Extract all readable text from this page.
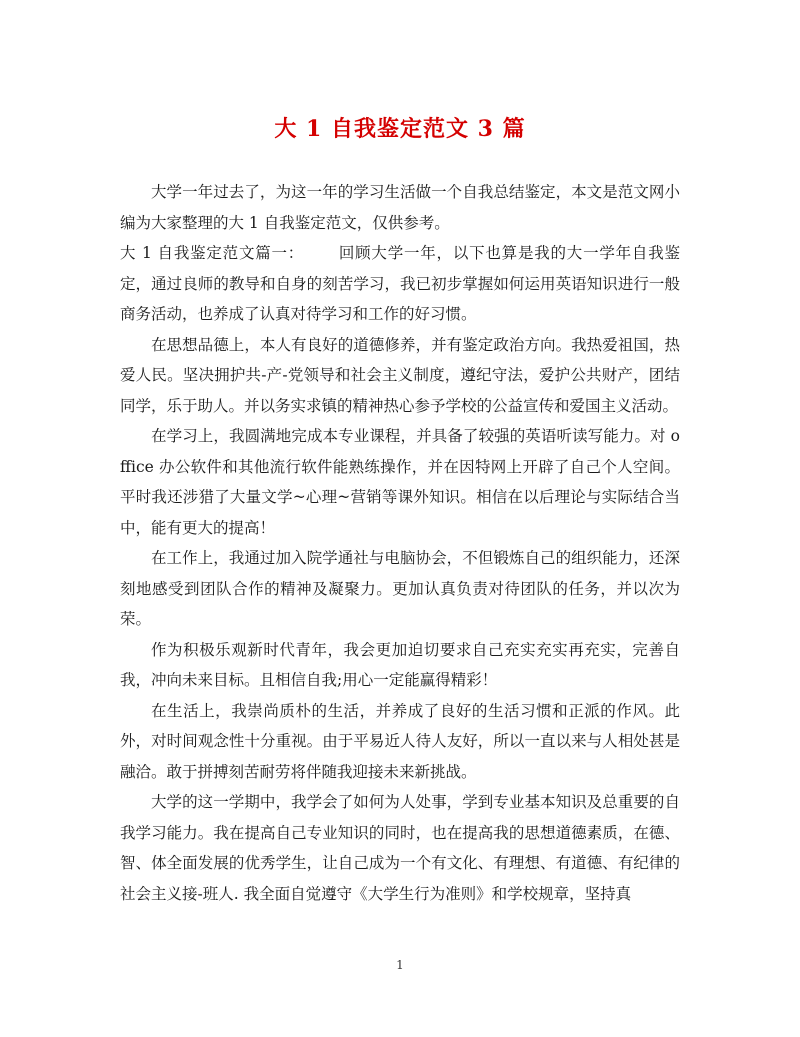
大 1 自我鉴定范文 3 篇

大学一年过去了，为这一年的学习生活做一个自我总结鉴定，本文是范文网小编为大家整理的大 1 自我鉴定范文，仅供参考。

大 1 自我鉴定范文篇一： 回顾大学一年，以下也算是我的大一学年自我鉴定，通过良师的教导和自身的刻苦学习，我已初步掌握如何运用英语知识进行一般商务活动，也养成了认真对待学习和工作的好习惯。

在思想品德上，本人有良好的道德修养，并有鉴定政治方向。我热爱祖国，热爱人民。坚决拥护共-产-党领导和社会主义制度，遵纪守法，爱护公共财产，团结同学，乐于助人。并以务实求镇的精神热心参予学校的公益宣传和爱国主义活动。

在学习上，我圆满地完成本专业课程，并具备了较强的英语听读写能力。对 office 办公软件和其他流行软件能熟练操作，并在因特网上开辟了自己个人空间。平时我还涉猎了大量文学~心理~营销等课外知识。相信在以后理论与实际结合当中，能有更大的提高！

在工作上，我通过加入院学通社与电脑协会，不但锻炼自己的组织能力，还深刻地感受到团队合作的精神及凝聚力。更加认真负责对待团队的任务，并以次为荣。

作为积极乐观新时代青年，我会更加迫切要求自己充实充实再充实，完善自我，冲向未来目标。且相信自我;用心一定能赢得精彩！

在生活上，我崇尚质朴的生活，并养成了良好的生活习惯和正派的作风。此外，对时间观念性十分重视。由于平易近人待人友好，所以一直以来与人相处甚是融洽。敢于拼搏刻苦耐劳将伴随我迎接未来新挑战。

大学的这一学期中，我学会了如何为人处事，学到专业基本知识及总重要的自我学习能力。我在提高自己专业知识的同时，也在提高我的思想道德素质，在德、智、体全面发展的优秀学生，让自己成为一个有文化、有理想、有道德、有纪律的社会主义接-班人. 我全面自觉遵守《大学生行为准则》和学校规章，坚持真

1
